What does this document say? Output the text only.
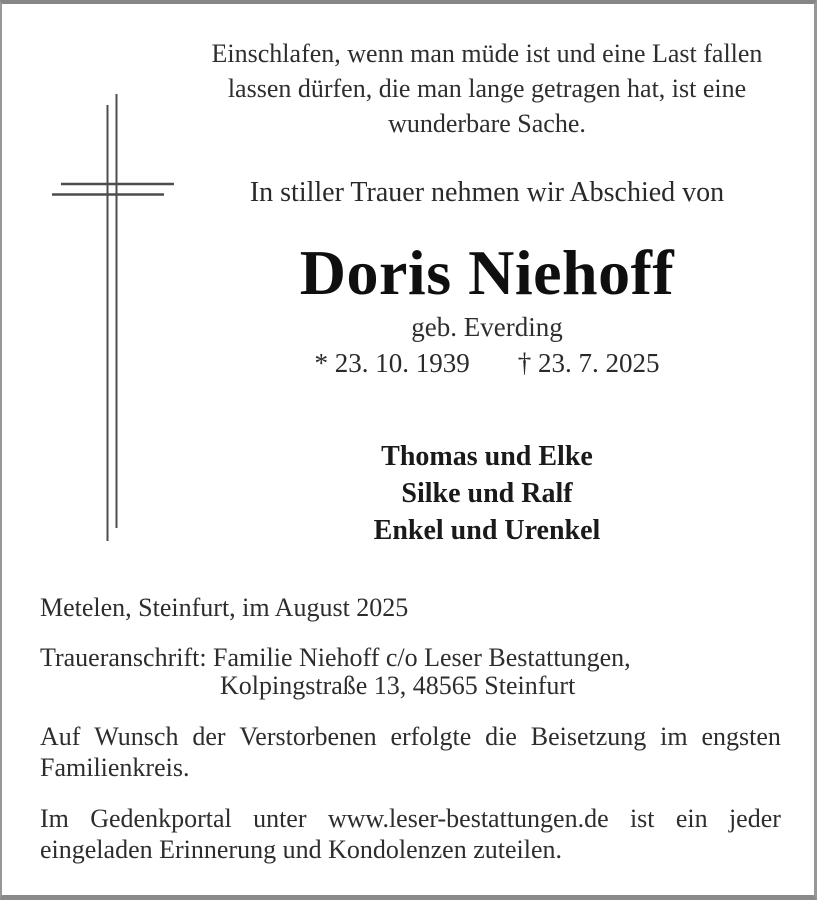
Einschlafen, wenn man müde ist und eine Last fallen
lassen dürfen, die man lange getragen hat, ist eine
wunderbare Sache.
In stiller Trauer nehmen wir Abschied von
Doris Niehoff
geb. Everding
* 23. 10. 1939 † 23. 7. 2025
Thomas und Elke
Silke und Ralf
Enkel und Urenkel
Metelen, Steinfurt, im August 2025
Traueranschrift: Familie Niehoff c/o Leser Bestattungen,
Kolpingstraße 13, 48565 Steinfurt
Auf Wunsch der Verstorbenen erfolgte die Beisetzung im engsten
Familienkreis.
Im Gedenkportal unter www.leser-bestattungen.de ist ein jeder
eingeladen Erinnerung und Kondolenzen zuteilen.
